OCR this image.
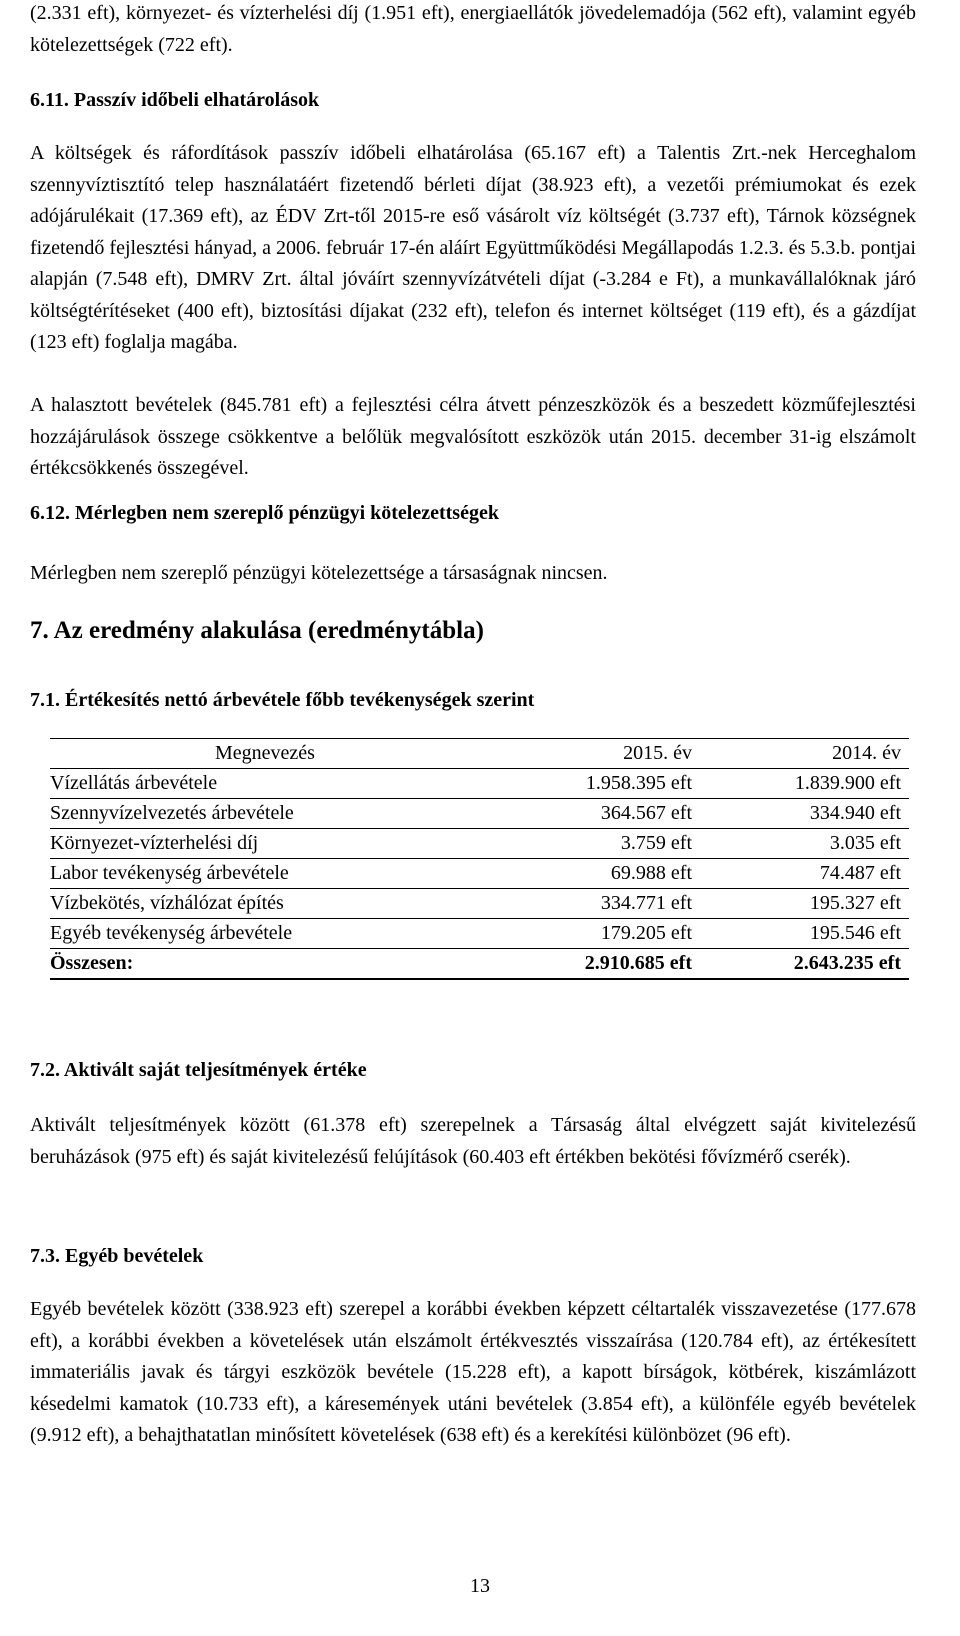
(2.331 eft), környezet- és vízterhelési díj (1.951 eft), energiaellátók jövedelemadója (562 eft), valamint egyéb kötelezettségek (722 eft).

6.11. Passzív időbeli elhatárolások

A költségek és ráfordítások passzív időbeli elhatárolása (65.167 eft) a Talentis Zrt.-nek Herceghalom szennyvíztisztító telep használatáért fizetendő bérleti díjat (38.923 eft), a vezetői prémiumokat és ezek adójárulékait (17.369 eft), az ÉDV Zrt-től 2015-re eső vásárolt víz költségét (3.737 eft), Tárnok községnek fizetendő fejlesztési hányad, a 2006. február 17-én aláírt Együttműködési Megállapodás 1.2.3. és 5.3.b. pontjai alapján (7.548 eft), DMRV Zrt. által jóváírt szennyvízátvételi díjat (-3.284 e Ft), a munkavállalóknak járó költségtérítéseket (400 eft), biztosítási díjakat (232 eft), telefon és internet költséget (119 eft), és a gázdíjat (123 eft) foglalja magába.

A halasztott bevételek (845.781 eft) a fejlesztési célra átvett pénzeszközök és a beszedett közműfejlesztési hozzájárulások összege csökkentve a belőlük megvalósított eszközök után 2015. december 31-ig elszámolt értékcsökkenés összegével.

6.12. Mérlegben nem szereplő pénzügyi kötelezettségek

Mérlegben nem szereplő pénzügyi kötelezettsége a társaságnak nincsen.

7. Az eredmény alakulása (eredménytábla)
7.1. Értékesítés nettó árbevétele főbb tevékenységek szerint
Megnevezés	2015. év	2014. év
Vízellátás árbevétele	1.958.395 eft	1.839.900 eft
Szennyvízelvezetés árbevétele	364.567 eft	334.940 eft
Környezet-vízterhelési díj	3.759 eft	3.035 eft
Labor tevékenység árbevétele	69.988 eft	74.487 eft
Vízbekötés, vízhálózat építés	334.771 eft	195.327 eft
Egyéb tevékenység árbevétele	179.205 eft	195.546 eft
Összesen:	2.910.685 eft	2.643.235 eft
7.2. Aktivált saját teljesítmények értéke

Aktivált teljesítmények között (61.378 eft) szerepelnek a Társaság által elvégzett saját kivitelezésű beruházások (975 eft) és saját kivitelezésű felújítások (60.403 eft értékben bekötési fővízmérő cserék).

7.3. Egyéb bevételek

Egyéb bevételek között (338.923 eft) szerepel a korábbi években képzett céltartalék visszavezetése (177.678 eft), a korábbi években a követelések után elszámolt értékvesztés visszaírása (120.784 eft), az értékesített immateriális javak és tárgyi eszközök bevétele (15.228 eft), a kapott bírságok, kötbérek, kiszámlázott késedelmi kamatok (10.733 eft), a káresemények utáni bevételek (3.854 eft), a különféle egyéb bevételek (9.912 eft), a behajthatatlan minősített követelések (638 eft) és a kerekítési különbözet (96 eft).

13
